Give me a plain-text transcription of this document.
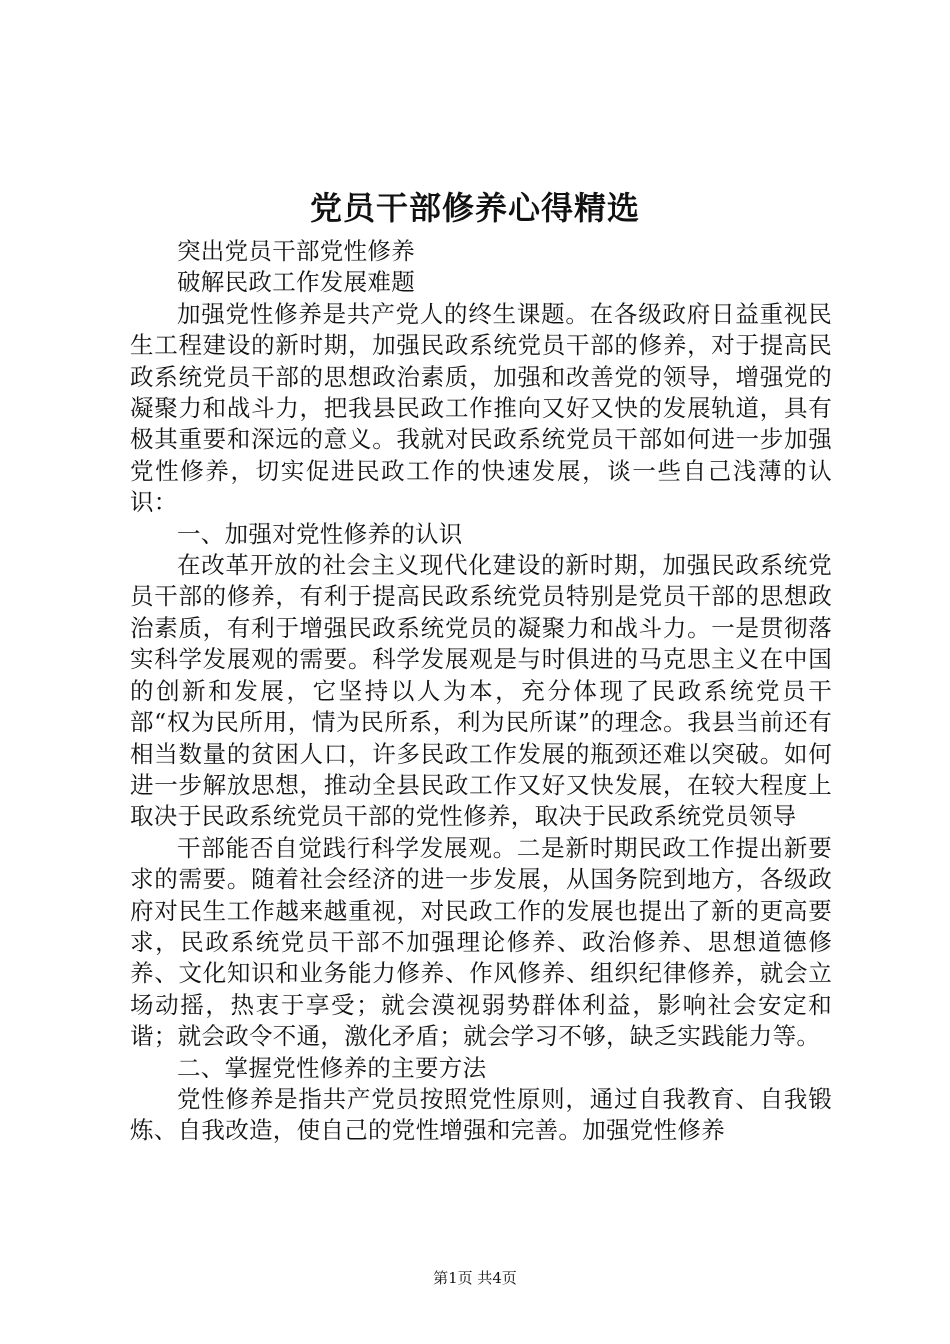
党员干部修养心得精选

突出党员干部党性修养

破解民政工作发展难题

加强党性修养是共产党人的终生课题。在各级政府日益重视民生工程建设的新时期，加强民政系统党员干部的修养，对于提高民政系统党员干部的思想政治素质，加强和改善党的领导，增强党的凝聚力和战斗力，把我县民政工作推向又好又快的发展轨道，具有极其重要和深远的意义。我就对民政系统党员干部如何进一步加强党性修养，切实促进民政工作的快速发展，谈一些自己浅薄的认识：

一、加强对党性修养的认识

在改革开放的社会主义现代化建设的新时期，加强民政系统党员干部的修养，有利于提高民政系统党员特别是党员干部的思想政治素质，有利于增强民政系统党员的凝聚力和战斗力。一是贯彻落实科学发展观的需要。科学发展观是与时俱进的马克思主义在中国的创新和发展，它坚持以人为本，充分体现了民政系统党员干部“权为民所用，情为民所系，利为民所谋”的理念。我县当前还有相当数量的贫困人口，许多民政工作发展的瓶颈还难以突破。如何进一步解放思想，推动全县民政工作又好又快发展，在较大程度上取决于民政系统党员干部的党性修养，取决于民政系统党员领导

干部能否自觉践行科学发展观。二是新时期民政工作提出新要求的需要。随着社会经济的进一步发展，从国务院到地方，各级政府对民生工作越来越重视，对民政工作的发展也提出了新的更高要求，民政系统党员干部不加强理论修养、政治修养、思想道德修养、文化知识和业务能力修养、作风修养、组织纪律修养，就会立场动摇，热衷于享受；就会漠视弱势群体利益，影响社会安定和谐；就会政令不通，激化矛盾；就会学习不够，缺乏实践能力等。

二、掌握党性修养的主要方法

党性修养是指共产党员按照党性原则，通过自我教育、自我锻炼、自我改造，使自己的党性增强和完善。加强党性修养

第1页 共4页
